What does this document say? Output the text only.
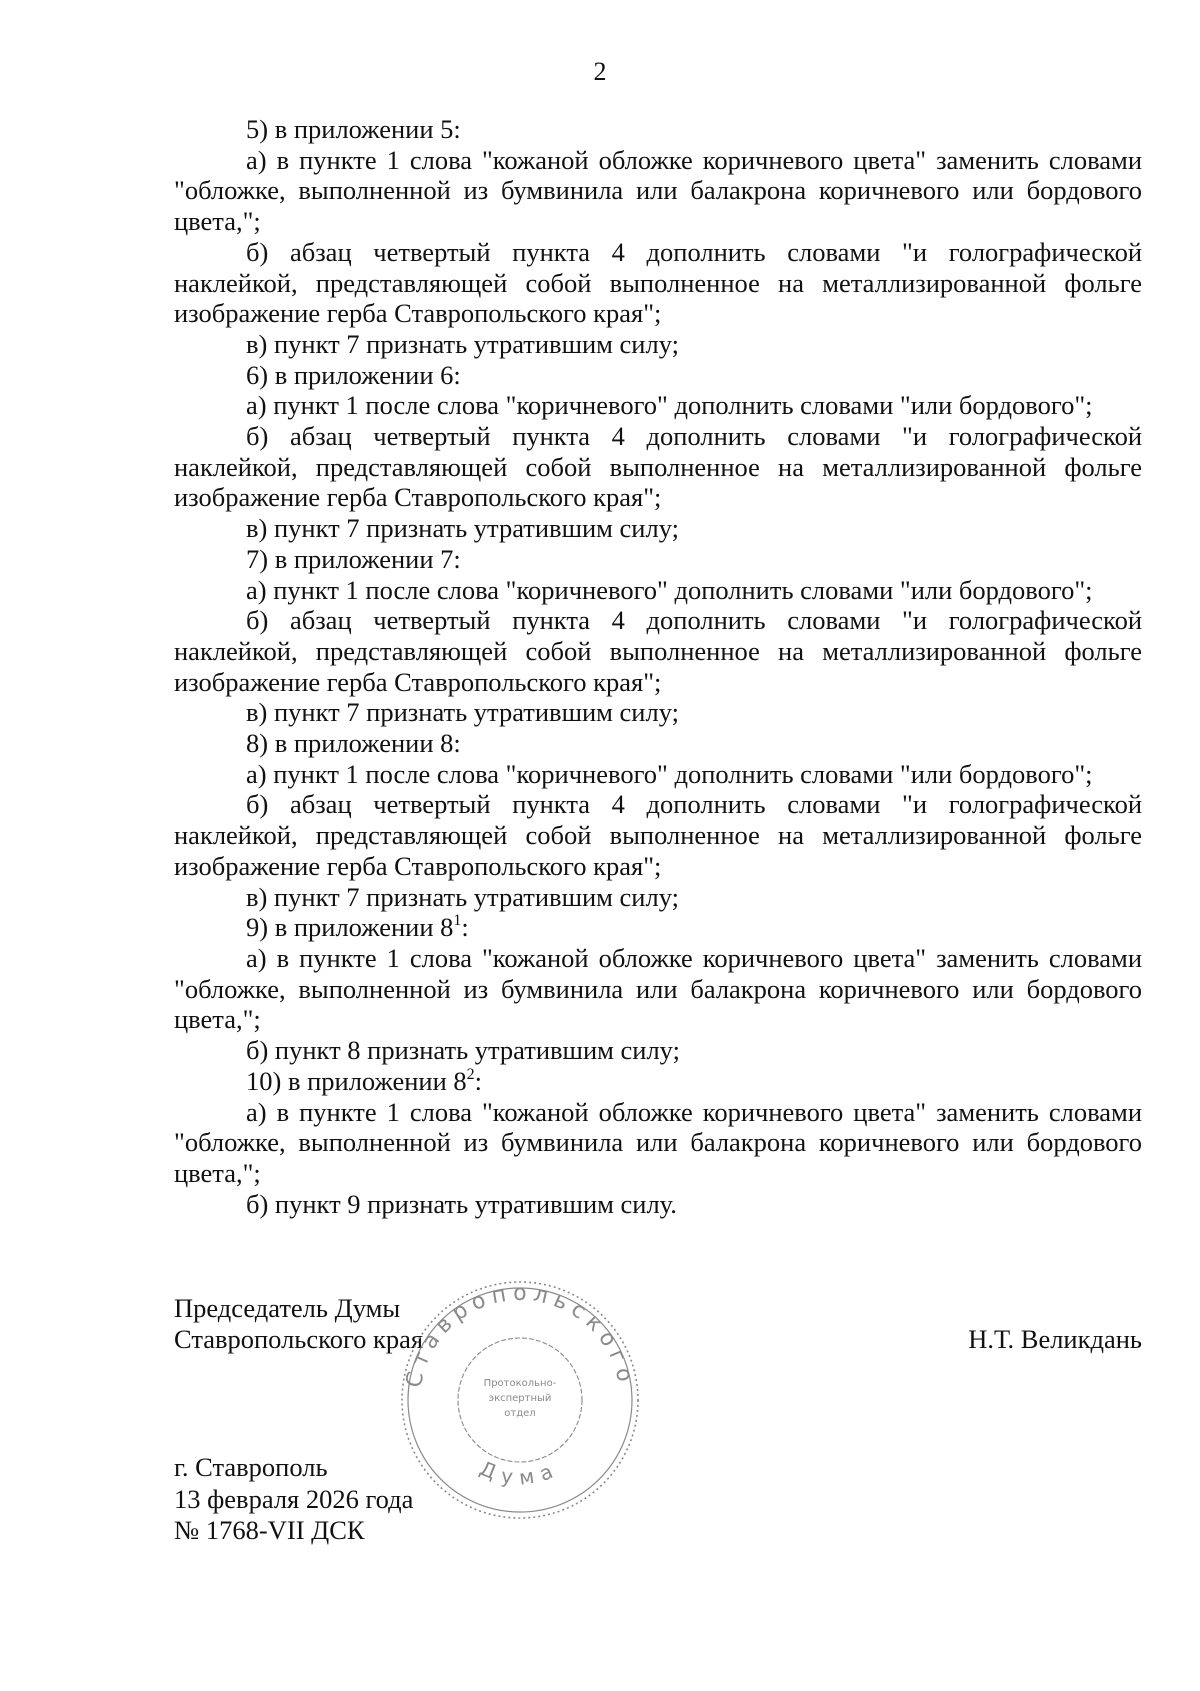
2

5) в приложении 5:

а) в пункте 1 слова "кожаной обложке коричневого цвета" заменить словами "обложке, выполненной из бумвинила или балакрона коричневого или бордового цвета,";

б) абзац четвертый пункта 4 дополнить словами "и голографической наклейкой, представляющей собой выполненное на металлизированной фольге изображение герба Ставропольского края";

в) пункт 7 признать утратившим силу;

6) в приложении 6:

а) пункт 1 после слова "коричневого" дополнить словами "или бордового";

б) абзац четвертый пункта 4 дополнить словами "и голографической наклейкой, представляющей собой выполненное на металлизированной фольге изображение герба Ставропольского края";

в) пункт 7 признать утратившим силу;

7) в приложении 7:

а) пункт 1 после слова "коричневого" дополнить словами "или бордового";

б) абзац четвертый пункта 4 дополнить словами "и голографической наклейкой, представляющей собой выполненное на металлизированной фольге изображение герба Ставропольского края";

в) пункт 7 признать утратившим силу;

8) в приложении 8:

а) пункт 1 после слова "коричневого" дополнить словами "или бордового";

б) абзац четвертый пункта 4 дополнить словами "и голографической наклейкой, представляющей собой выполненное на металлизированной фольге изображение герба Ставропольского края";

в) пункт 7 признать утратившим силу;

9) в приложении $8^1$:

а) в пункте 1 слова "кожаной обложке коричневого цвета" заменить словами "обложке, выполненной из бумвинила или балакрона коричневого или бордового цвета,";

б) пункт 8 признать утратившим силу;

10) в приложении $8^2$:

а) в пункте 1 слова "кожаной обложке коричневого цвета" заменить словами "обложке, выполненной из бумвинила или балакрона коричневого или бордового цвета,";

б) пункт 9 признать утратившим силу.

Председатель Думы
Ставропольского края	Н.Т. Великдань
Ставропольского
Дума
Протокольно-
экспертный
отдел
г. Ставрополь
13 февраля 2026 года
№ 1768-VII ДСК
